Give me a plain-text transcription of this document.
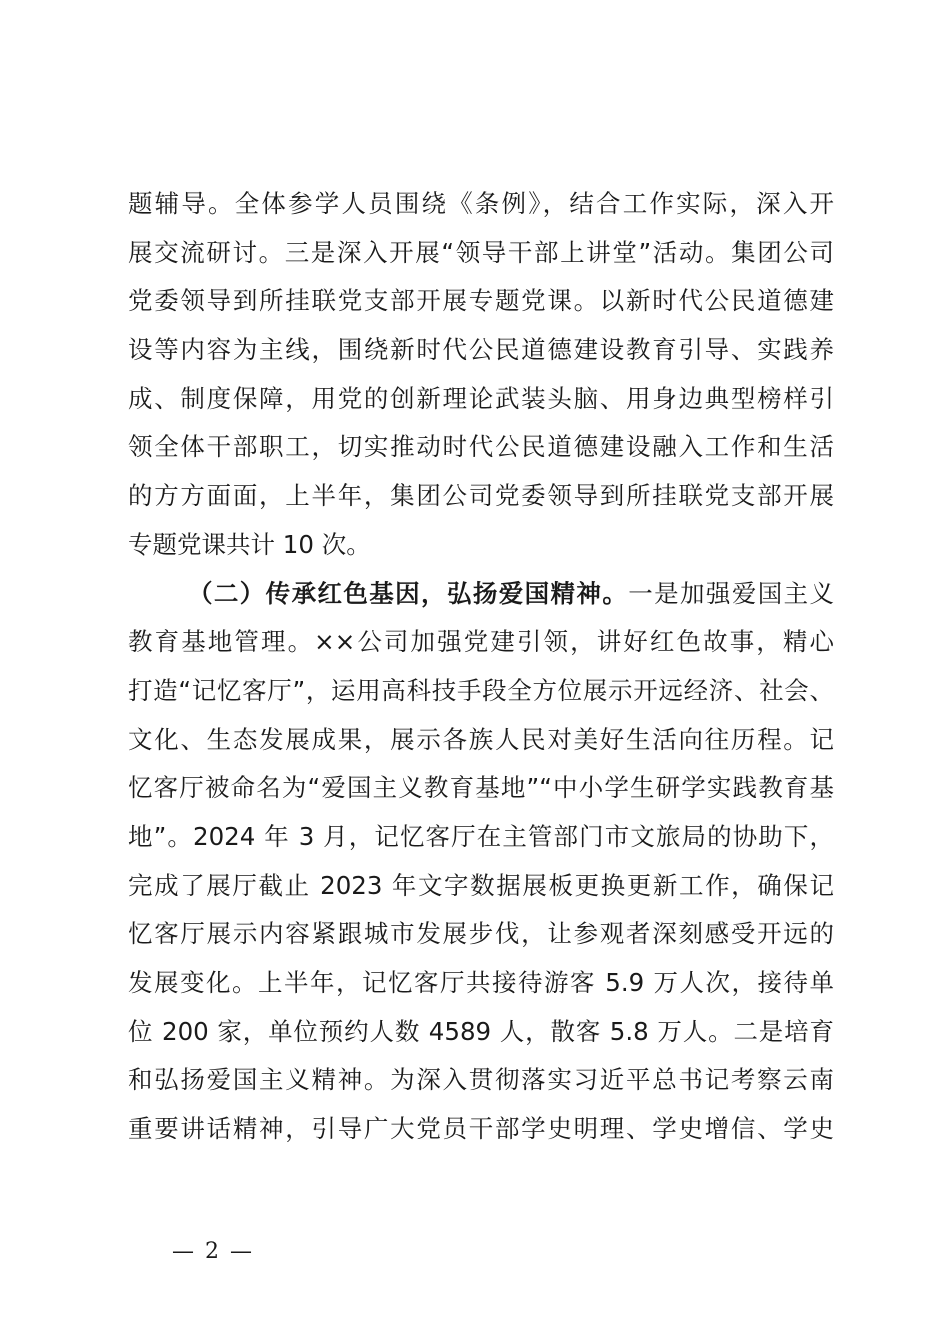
题辅导。全体参学人员围绕《条例》，结合工作实际，深入开
展交流研讨。三是深入开展“领导干部上讲堂”活动。集团公司
党委领导到所挂联党支部开展专题党课。以新时代公民道德建
设等内容为主线，围绕新时代公民道德建设教育引导、实践养
成、制度保障，用党的创新理论武装头脑、用身边典型榜样引
领全体干部职工，切实推动时代公民道德建设融入工作和生活
的方方面面，上半年，集团公司党委领导到所挂联党支部开展
专题党课共计 10 次。
（二）传承红色基因，弘扬爱国精神。一是加强爱国主义
教育基地管理。××公司加强党建引领，讲好红色故事，精心
打造“记忆客厅”，运用高科技手段全方位展示开远经济、社会、
文化、生态发展成果，展示各族人民对美好生活向往历程。记
忆客厅被命名为“爱国主义教育基地”“中小学生研学实践教育基
地”。2024 年 3 月，记忆客厅在主管部门市文旅局的协助下，
完成了展厅截止 2023 年文字数据展板更换更新工作，确保记
忆客厅展示内容紧跟城市发展步伐，让参观者深刻感受开远的
发展变化。上半年，记忆客厅共接待游客 5.9 万人次，接待单
位 200 家，单位预约人数 4589 人，散客 5.8 万人。二是培育
和弘扬爱国主义精神。为深入贯彻落实习近平总书记考察云南
重要讲话精神，引导广大党员干部学史明理、学史增信、学史
— 2 —
